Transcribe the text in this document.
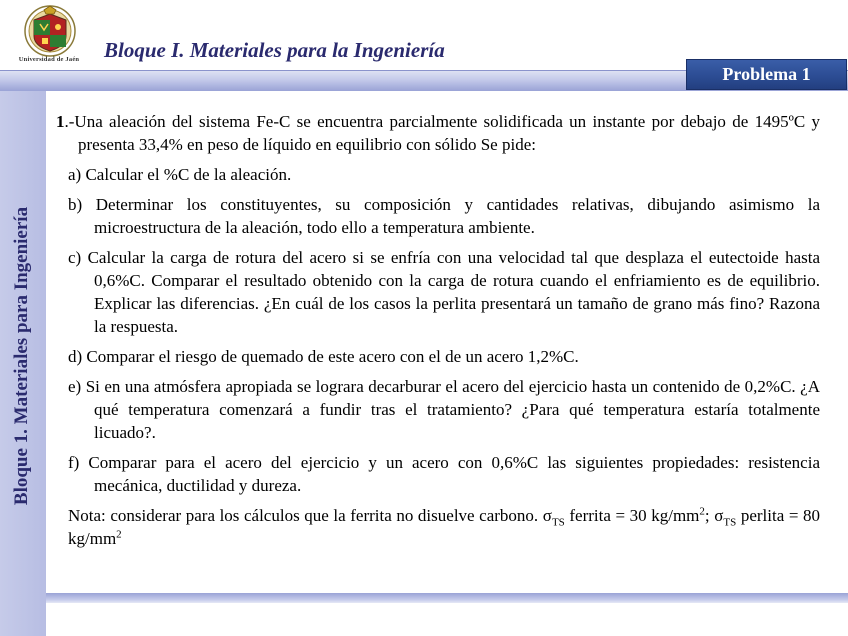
Universidad de Jaén	Bloque I. Materiales para la Ingeniería
Problema 1
Bloque 1. Materiales para Ingeniería

1.-Una aleación del sistema Fe-C se encuentra parcialmente solidificada un instante por debajo de 1495ºC y presenta 33,4% en peso de líquido en equilibrio con sólido Se pide:

a) Calcular el %C de la aleación.

b) Determinar los constituyentes, su composición y cantidades relativas, dibujando asimismo la microestructura de la aleación, todo ello a temperatura ambiente.

c) Calcular la carga de rotura del acero si se enfría con una velocidad tal que desplaza el eutectoide hasta 0,6%C. Comparar el resultado obtenido con la carga de rotura cuando el enfriamiento es de equilibrio. Explicar las diferencias. ¿En cuál de los casos la perlita presentará un tamaño de grano más fino? Razona la respuesta.

d) Comparar el riesgo de quemado de este acero con el de un acero 1,2%C.

e) Si en una atmósfera apropiada se lograra decarburar el acero del ejercicio hasta un contenido de 0,2%C. ¿A qué temperatura comenzará a fundir tras el tratamiento? ¿Para qué temperatura estaría totalmente licuado?.

f) Comparar para el acero del ejercicio y un acero con 0,6%C las siguientes propiedades: resistencia mecánica, ductilidad y dureza.

Nota: considerar para los cálculos que la ferrita no disuelve carbono. $\sigma_{TS}$ ferrita = 30 $kg/mm^2$; $\sigma_{TS}$ perlita = 80 $kg/mm^2$
